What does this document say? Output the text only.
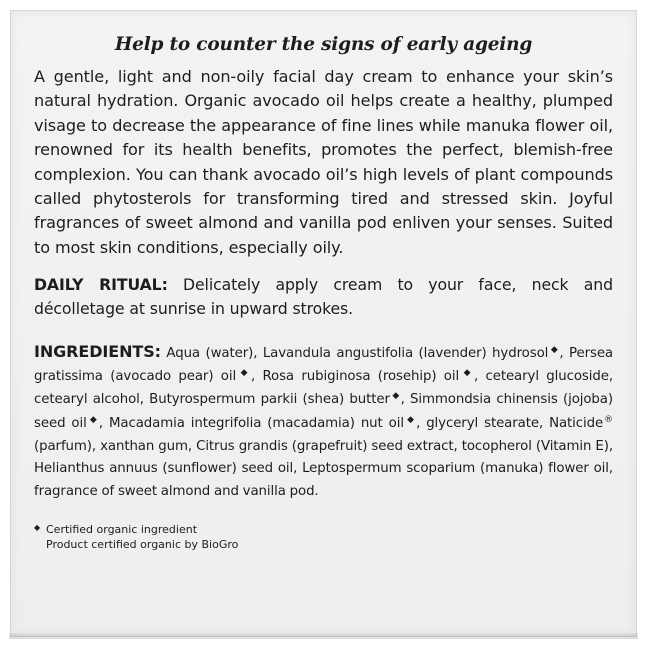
Help to counter the signs of early ageing

A gentle, light and non-oily facial day cream to enhance your skin’s natural hydration. Organic avocado oil helps create a healthy, plumped visage to decrease the appearance of fine lines while manuka flower oil, renowned for its health benefits, promotes the perfect, blemish-free complexion. You can thank avocado oil’s high levels of plant compounds called phytosterols for transforming tired and stressed skin. Joyful fragrances of sweet almond and vanilla pod enliven your senses. Suited to most skin conditions, especially oily.

DAILY RITUAL: Delicately apply cream to your face, neck and décolletage at sunrise in upward strokes.

INGREDIENTS: Aqua (water), Lavandula angustifolia (lavender) hydrosol◆, Persea gratissima (avocado pear) oil◆, Rosa rubiginosa (rosehip) oil◆, cetearyl glucoside, cetearyl alcohol, Butyrospermum parkii (shea) butter◆, Simmondsia chinensis (jojoba) seed oil◆, Macadamia integrifolia (macadamia) nut oil◆, glyceryl stearate, Naticide® (parfum), xanthan gum, Citrus grandis (grapefruit) seed extract, tocopherol (Vitamin E), Helianthus annuus (sunflower) seed oil, Leptospermum scoparium (manuka) flower oil, fragrance of sweet almond and vanilla pod.

◆ Certified organic ingredient
Product certified organic by BioGro
